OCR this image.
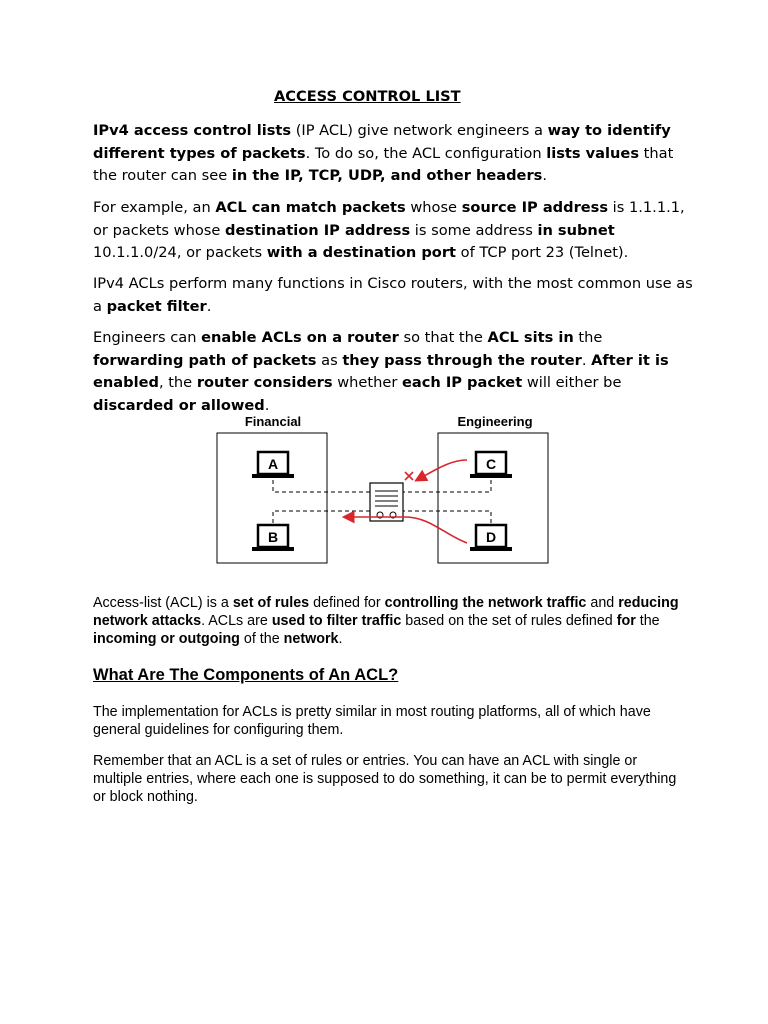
ACCESS CONTROL LIST

IPv4 access control lists (IP ACL) give network engineers a way to identify different types of packets. To do so, the ACL configuration lists values that the router can see in the IP, TCP, UDP, and other headers.

For example, an ACL can match packets whose source IP address is 1.1.1.1, or packets whose destination IP address is some address in subnet 10.1.1.0/24, or packets with a destination port of TCP port 23 (Telnet).

IPv4 ACLs perform many functions in Cisco routers, with the most common use as a packet filter.

Engineers can enable ACLs on a router so that the ACL sits in the forwarding path of packets as they pass through the router. After it is enabled, the router considers whether each IP packet will either be discarded or allowed.

Financial	Engineering
A
B
C
D

Access-list (ACL) is a set of rules defined for controlling the network traffic and reducing network attacks. ACLs are used to filter traffic based on the set of rules defined for the incoming or outgoing of the network.

What Are The Components of An ACL?

The implementation for ACLs is pretty similar in most routing platforms, all of which have general guidelines for configuring them.

Remember that an ACL is a set of rules or entries. You can have an ACL with single or multiple entries, where each one is supposed to do something, it can be to permit everything or block nothing.
